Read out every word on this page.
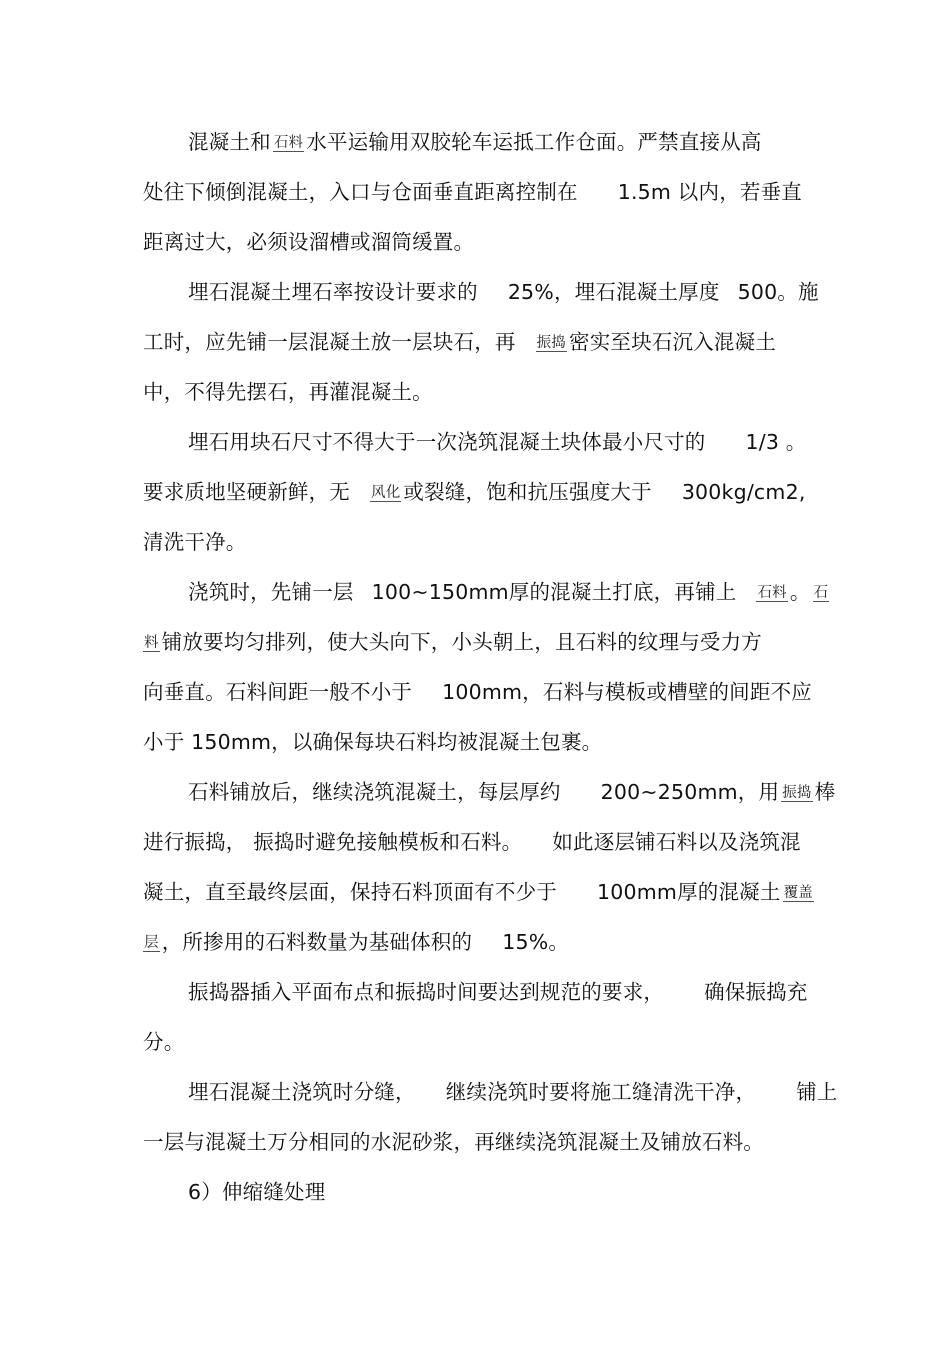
混凝土和 石料 水平运输用双胶轮车运抵工作仓面。严禁直接从高
处往下倾倒混凝土，入口与仓面垂直距离控制在 1.5m 以内，若垂直
距离过大，必须设溜槽或溜筒缓置。
埋石混凝土埋石率按设计要求的 25%，埋石混凝土厚度 500。施
工时，应先铺一层混凝土放一层块石，再 振捣 密实至块石沉入混凝土
中，不得先摆石，再灌混凝土。
埋石用块石尺寸不得大于一次浇筑混凝土块体最小尺寸的 1/3 。
要求质地坚硬新鲜，无 风化 或裂缝，饱和抗压强度大于 300kg/cm2,
清洗干净。
浇筑时，先铺一层 100~150mm厚的混凝土打底，再铺上 石料 。 石
料 铺放要均匀排列，使大头向下，小头朝上，且石料的纹理与受力方
向垂直。石料间距一般不小于 100mm，石料与模板或槽壁的间距不应
小于 150mm，以确保每块石料均被混凝土包裹。
石料铺放后，继续浇筑混凝土，每层厚约 200~250mm，用 振捣 棒
进行振捣， 振捣时避免接触模板和石料。 如此逐层铺石料以及浇筑混
凝土，直至最终层面，保持石料顶面有不少于 100mm厚的混凝土 覆盖
层 ，所掺用的石料数量为基础体积的 15%。
振捣器插入平面布点和振捣时间要达到规范的要求， 确保振捣充
分。
埋石混凝土浇筑时分缝， 继续浇筑时要将施工缝清洗干净， 铺上
一层与混凝土万分相同的水泥砂浆，再继续浇筑混凝土及铺放石料。
6）伸缩缝处理
